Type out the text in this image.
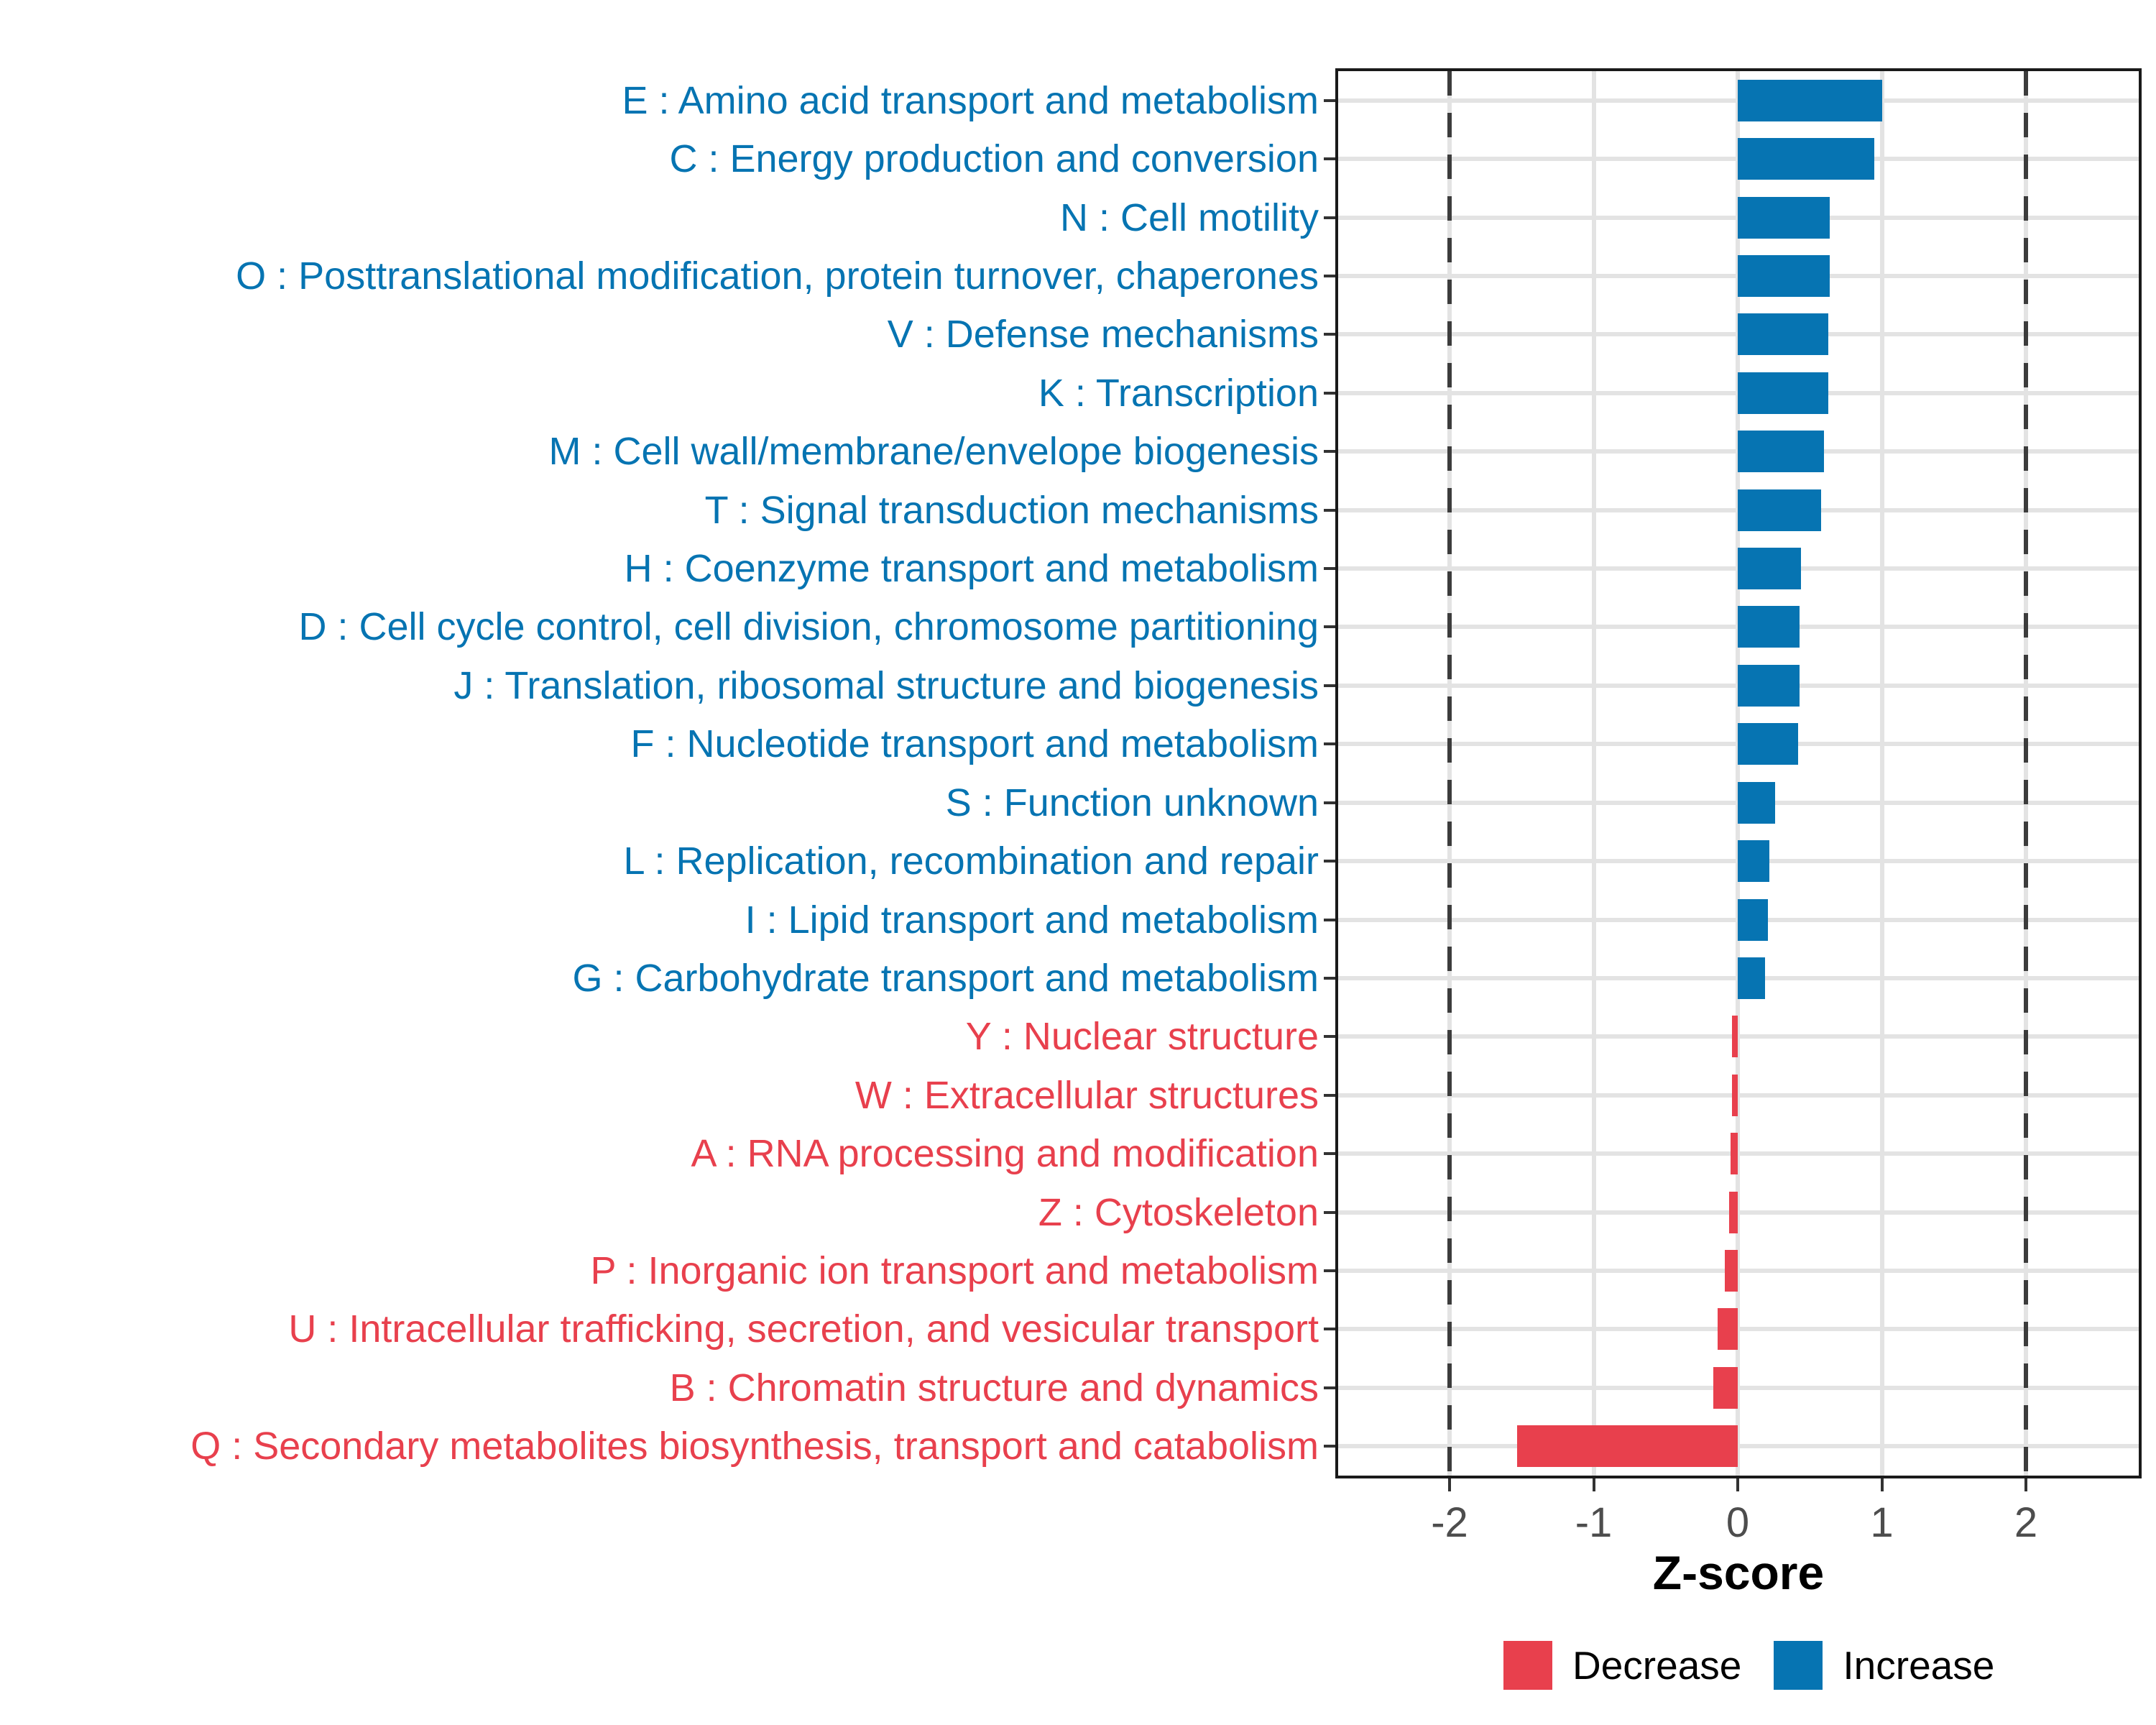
E : Amino acid transport and metabolism
C : Energy production and conversion
N : Cell motility
O : Posttranslational modification, protein turnover, chaperones
V : Defense mechanisms
K : Transcription
M : Cell wall/membrane/envelope biogenesis
T : Signal transduction mechanisms
H : Coenzyme transport and metabolism
D : Cell cycle control, cell division, chromosome partitioning
J : Translation, ribosomal structure and biogenesis
F : Nucleotide transport and metabolism
S : Function unknown
L : Replication, recombination and repair
I : Lipid transport and metabolism
G : Carbohydrate transport and metabolism
Y : Nuclear structure
W : Extracellular structures
A : RNA processing and modification
Z : Cytoskeleton
P : Inorganic ion transport and metabolism
U : Intracellular trafficking, secretion, and vesicular transport
B : Chromatin structure and dynamics
Q : Secondary metabolites biosynthesis, transport and catabolism
-2	-1	0	1	2
Z-score
Decrease	Increase
